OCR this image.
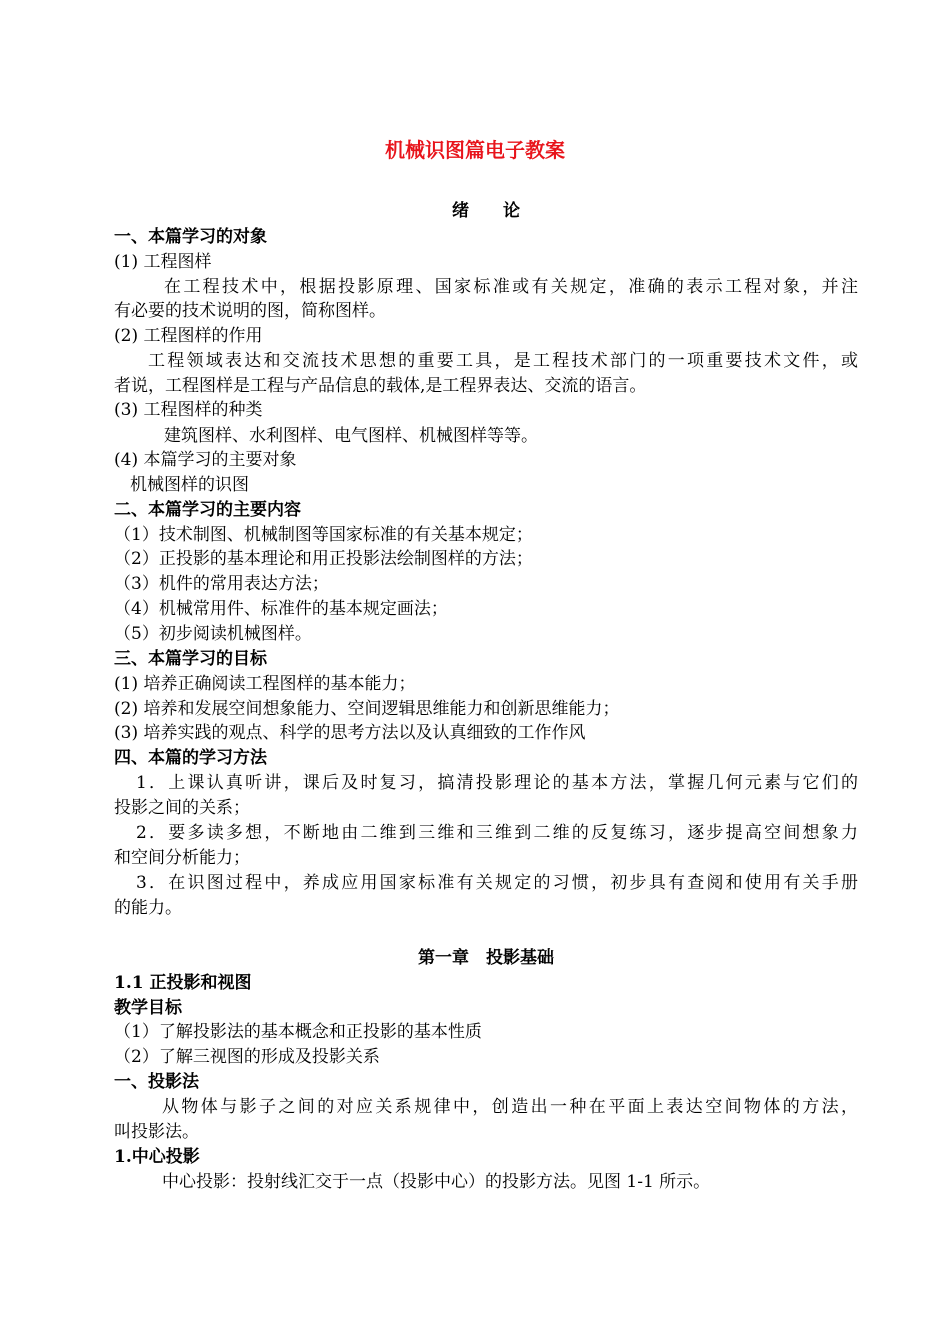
机械识图篇电子教案
绪　　论
一、本篇学习的对象
(1) 工程图样
在工程技术中，根据投影原理、国家标准或有关规定，准确的表示工程对象，并注
有必要的技术说明的图，简称图样。
(2) 工程图样的作用
工程领域表达和交流技术思想的重要工具，是工程技术部门的一项重要技术文件，或
者说，工程图样是工程与产品信息的载体,是工程界表达、交流的语言。
(3) 工程图样的种类
建筑图样、水利图样、电气图样、机械图样等等。
(4) 本篇学习的主要对象
机械图样的识图
二、本篇学习的主要内容
（1）技术制图、机械制图等国家标准的有关基本规定；
（2）正投影的基本理论和用正投影法绘制图样的方法；
（3）机件的常用表达方法；
（4）机械常用件、标准件的基本规定画法；
（5）初步阅读机械图样。
三、本篇学习的目标
(1) 培养正确阅读工程图样的基本能力；
(2) 培养和发展空间想象能力、空间逻辑思维能力和创新思维能力；
(3) 培养实践的观点、科学的思考方法以及认真细致的工作作风
四、本篇的学习方法
1．上课认真听讲，课后及时复习，搞清投影理论的基本方法，掌握几何元素与它们的
投影之间的关系；
2．要多读多想，不断地由二维到三维和三维到二维的反复练习，逐步提高空间想象力
和空间分析能力；
3．在识图过程中，养成应用国家标准有关规定的习惯，初步具有查阅和使用有关手册
的能力。
第一章　投影基础
1.1 正投影和视图
教学目标
（1）了解投影法的基本概念和正投影的基本性质
（2）了解三视图的形成及投影关系
一、投影法
从物体与影子之间的对应关系规律中，创造出一种在平面上表达空间物体的方法，
叫投影法。
1.中心投影
中心投影：投射线汇交于一点（投影中心）的投影方法。见图 1-1 所示。
